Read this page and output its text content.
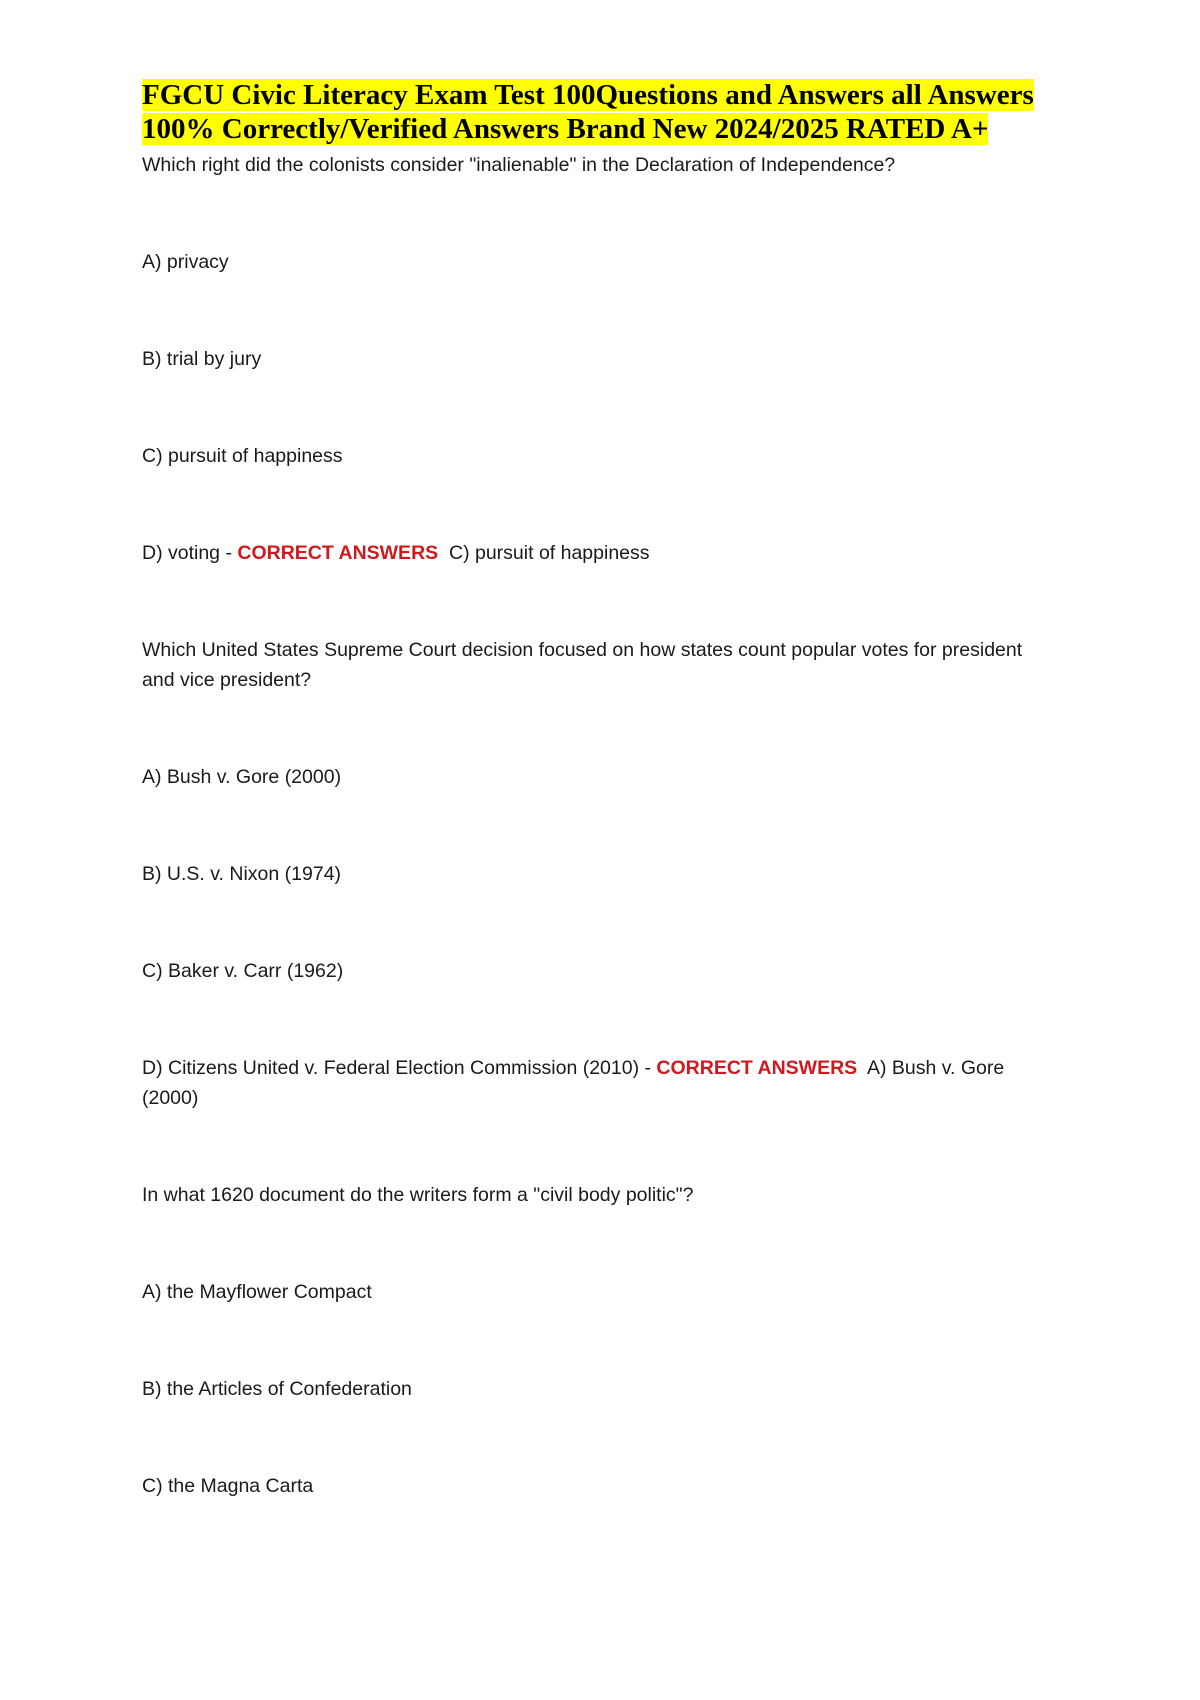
FGCU Civic Literacy Exam Test 100Questions and Answers all Answers 100% Correctly/Verified Answers Brand New 2024/2025 RATED A+

Which right did the colonists consider "inalienable" in the Declaration of Independence?

A) privacy

B) trial by jury

C) pursuit of happiness

D) voting - CORRECT ANSWERS C) pursuit of happiness

Which United States Supreme Court decision focused on how states count popular votes for president and vice president?

A) Bush v. Gore (2000)

B) U.S. v. Nixon (1974)

C) Baker v. Carr (1962)

D) Citizens United v. Federal Election Commission (2010) - CORRECT ANSWERS A) Bush v. Gore (2000)

In what 1620 document do the writers form a "civil body politic"?

A) the Mayflower Compact

B) the Articles of Confederation

C) the Magna Carta
